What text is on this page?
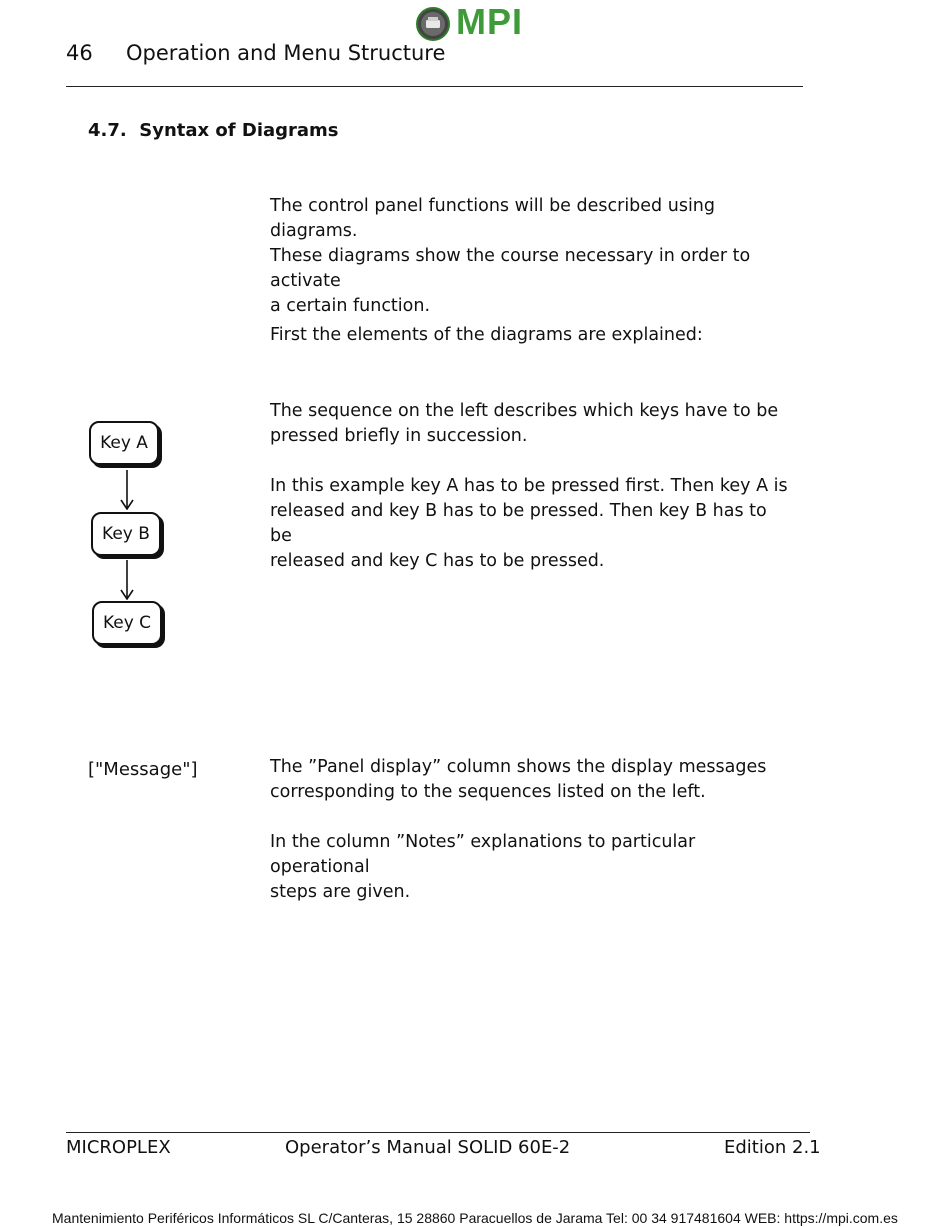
MPI
46 Operation and Menu Structure
4.7. Syntax of Diagrams
The control panel functions will be described using diagrams.
These diagrams show the course necessary in order to activate
a certain function.
First the elements of the diagrams are explained:
Key A
Key B
Key C
The sequence on the left describes which keys have to be
pressed briefly in succession.
In this example key A has to be pressed first. Then key A is
released and key B has to be pressed. Then key B has to be
released and key C has to be pressed.
["Message"]	The ”Panel display” column shows the display messages
corresponding to the sequences listed on the left.
In the column ”Notes” explanations to particular operational
steps are given.
MICROPLEX	Operator’s Manual SOLID 60E-2	Edition 2.1
Mantenimiento Periféricos Informáticos SL C/Canteras, 15 28860 Paracuellos de Jarama Tel: 00 34 917481604 WEB: https://mpi.com.es
